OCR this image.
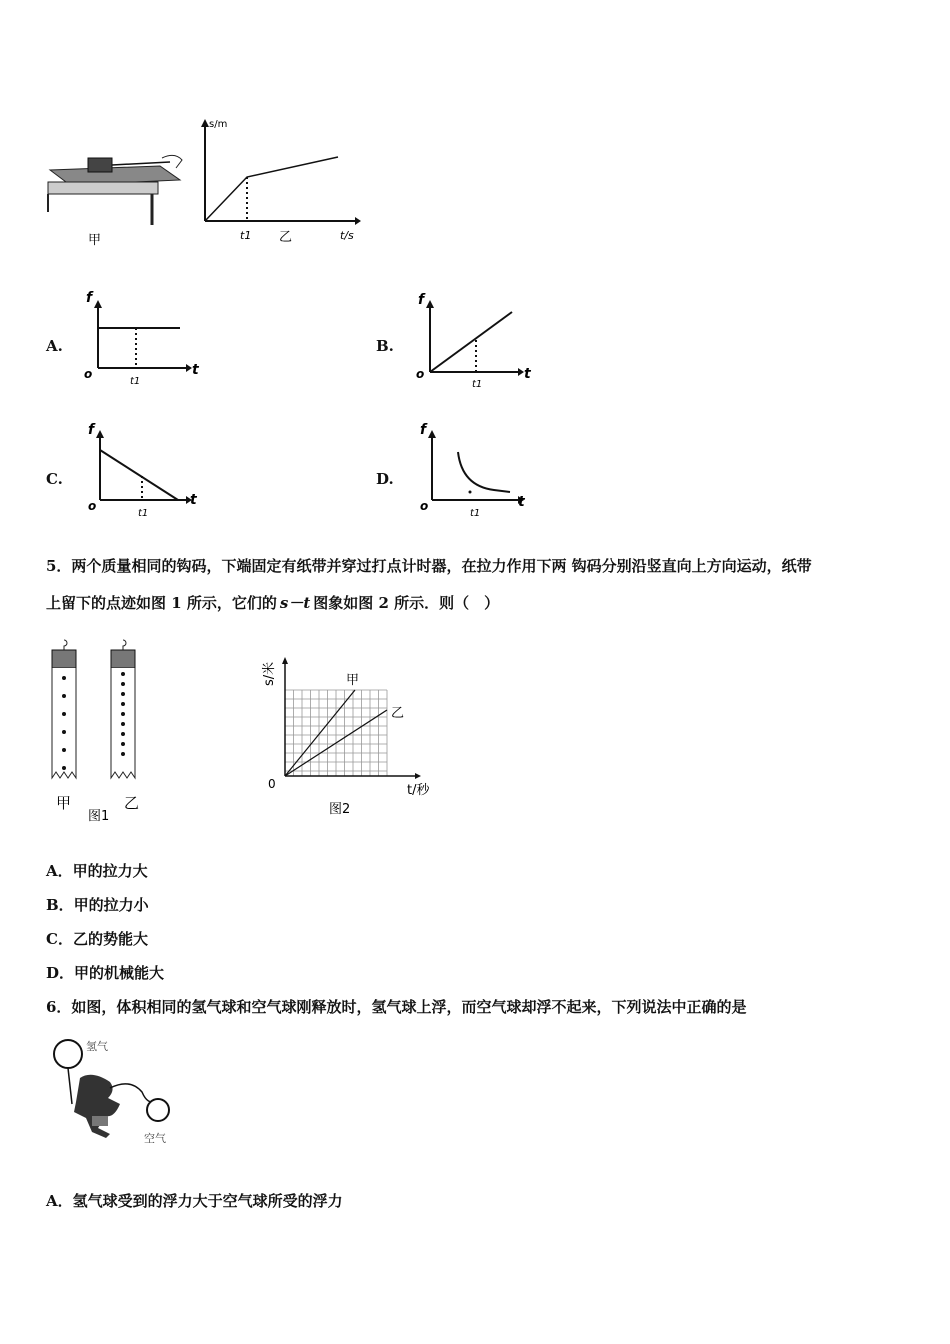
甲
s/m
t/s
t1 乙
A.
f
o	t
t1
B.
f
o	t
t1
C.
f
o	t
t1
D.
f
o	t
t1
5．两个质量相同的钩码，下端固定有纸带并穿过打点计时器，在拉力作用下两 钩码分别沿竖直向上方向运动，纸带
上留下的点迹如图 1 所示，它们的 s－t 图象如图 2 所示．则（　）
甲	乙
图1
s/米	甲
乙
0	t/秒
图2
A．甲的拉力大
B．甲的拉力小
C．乙的势能大
D．甲的机械能大
6．如图，体积相同的氢气球和空气球刚释放时，氢气球上浮，而空气球却浮不起来，下列说法中正确的是
氢气
空气
A．氢气球受到的浮力大于空气球所受的浮力
